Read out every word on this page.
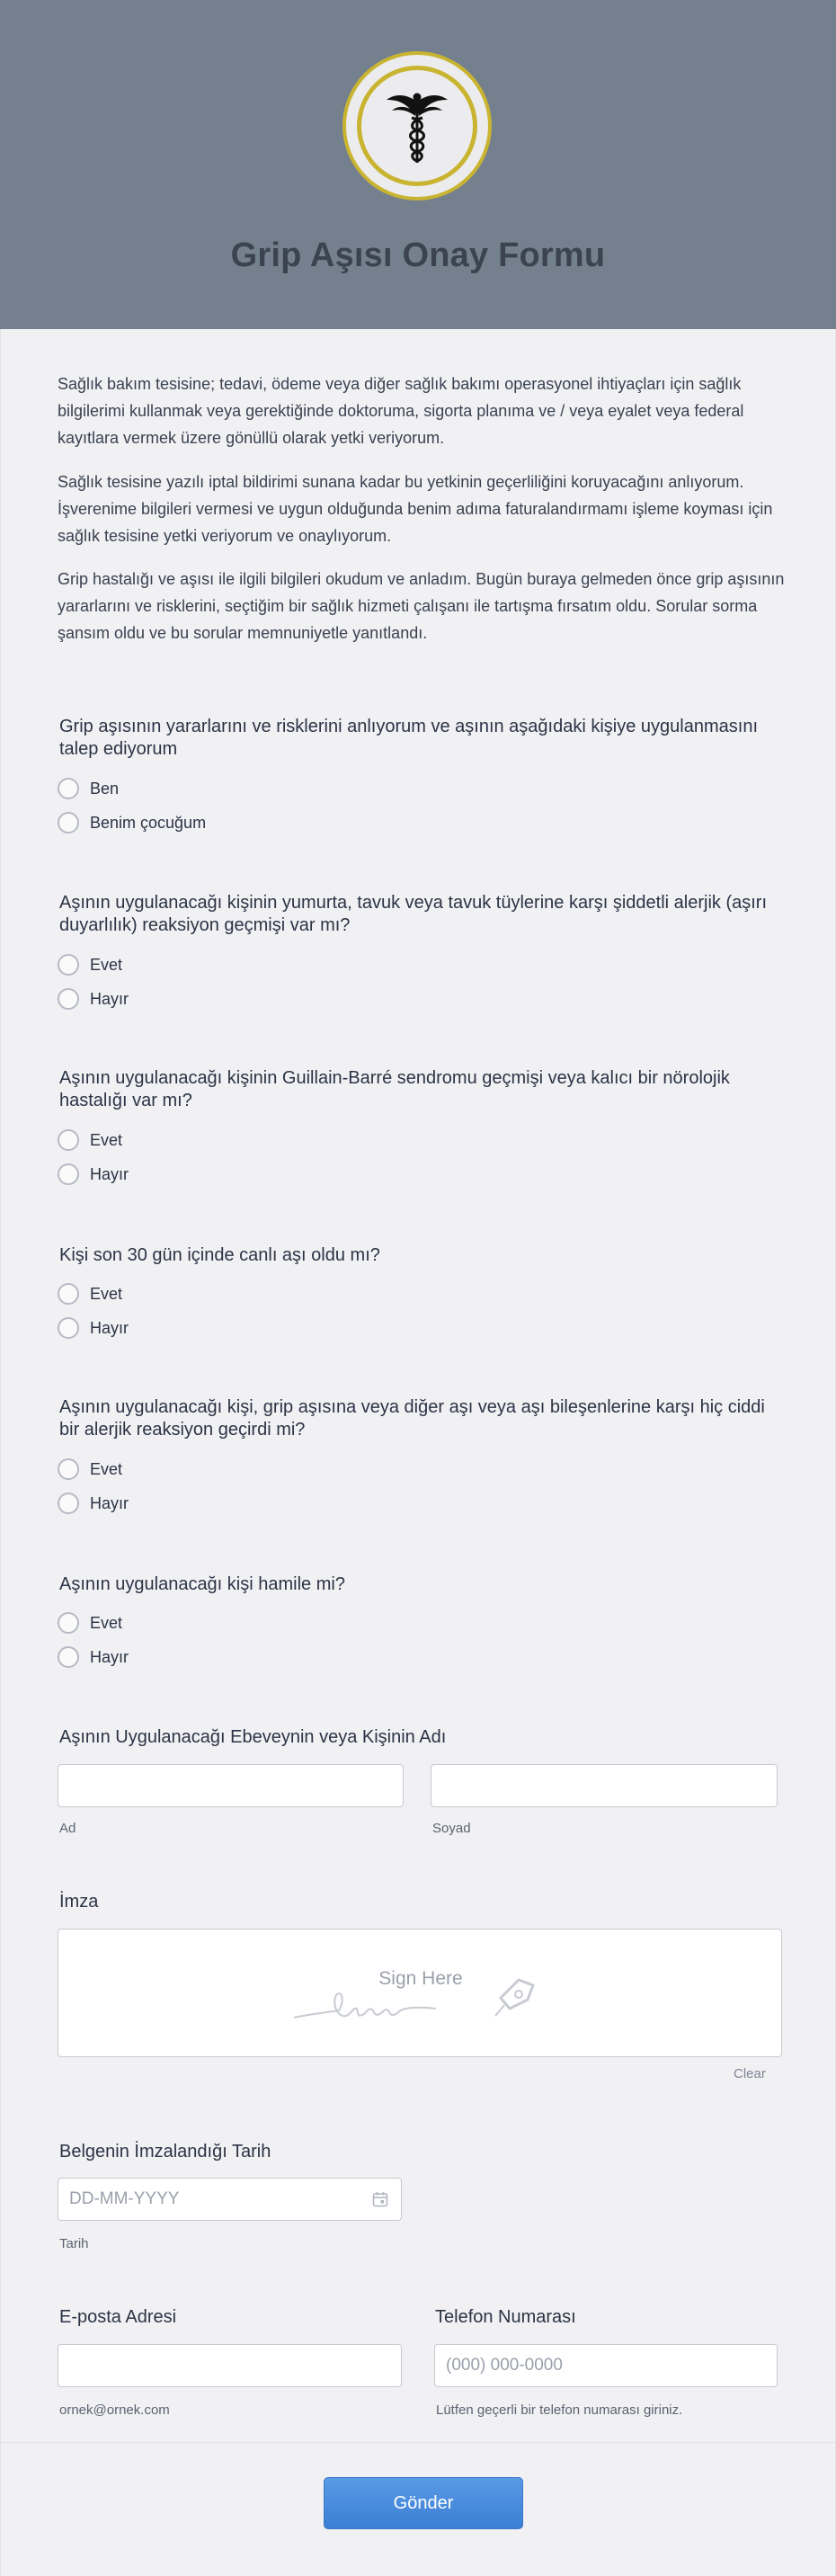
Grip Aşısı Onay Formu

Sağlık bakım tesisine; tedavi, ödeme veya diğer sağlık bakımı operasyonel ihtiyaçları için sağlık bilgilerimi kullanmak veya gerektiğinde doktoruma, sigorta planıma ve / veya eyalet veya federal kayıtlara vermek üzere gönüllü olarak yetki veriyorum.

Sağlık tesisine yazılı iptal bildirimi sunana kadar bu yetkinin geçerliliğini koruyacağını anlıyorum. İşverenime bilgileri vermesi ve uygun olduğunda benim adıma faturalandırmamı işleme koyması için sağlık tesisine yetki veriyorum ve onaylıyorum.

Grip hastalığı ve aşısı ile ilgili bilgileri okudum ve anladım. Bugün buraya gelmeden önce grip aşısının yararlarını ve risklerini, seçtiğim bir sağlık hizmeti çalışanı ile tartışma fırsatım oldu. Sorular sorma şansım oldu ve bu sorular memnuniyetle yanıtlandı.

Grip aşısının yararlarını ve risklerini anlıyorum ve aşının aşağıdaki kişiye uygulanmasını talep ediyorum
Ben
Benim çocuğum
Aşının uygulanacağı kişinin yumurta, tavuk veya tavuk tüylerine karşı şiddetli alerjik (aşırı duyarlılık) reaksiyon geçmişi var mı?
Evet
Hayır
Aşının uygulanacağı kişinin Guillain-Barré sendromu geçmişi veya kalıcı bir nörolojik hastalığı var mı?
Evet
Hayır
Kişi son 30 gün içinde canlı aşı oldu mı?
Evet
Hayır
Aşının uygulanacağı kişi, grip aşısına veya diğer aşı veya aşı bileşenlerine karşı hiç ciddi bir alerjik reaksiyon geçirdi mi?
Evet
Hayır
Aşının uygulanacağı kişi hamile mi?
Evet
Hayır
Aşının Uygulanacağı Ebeveynin veya Kişinin Adı
Ad	Soyad
İmza
Sign Here
Clear
Belgenin İmzalandığı Tarih
DD-MM-YYYY
Tarih
E-posta Adresi	Telefon Numarası
(000) 000-0000
ornek@ornek.com	Lütfen geçerli bir telefon numarası giriniz.
Gönder
